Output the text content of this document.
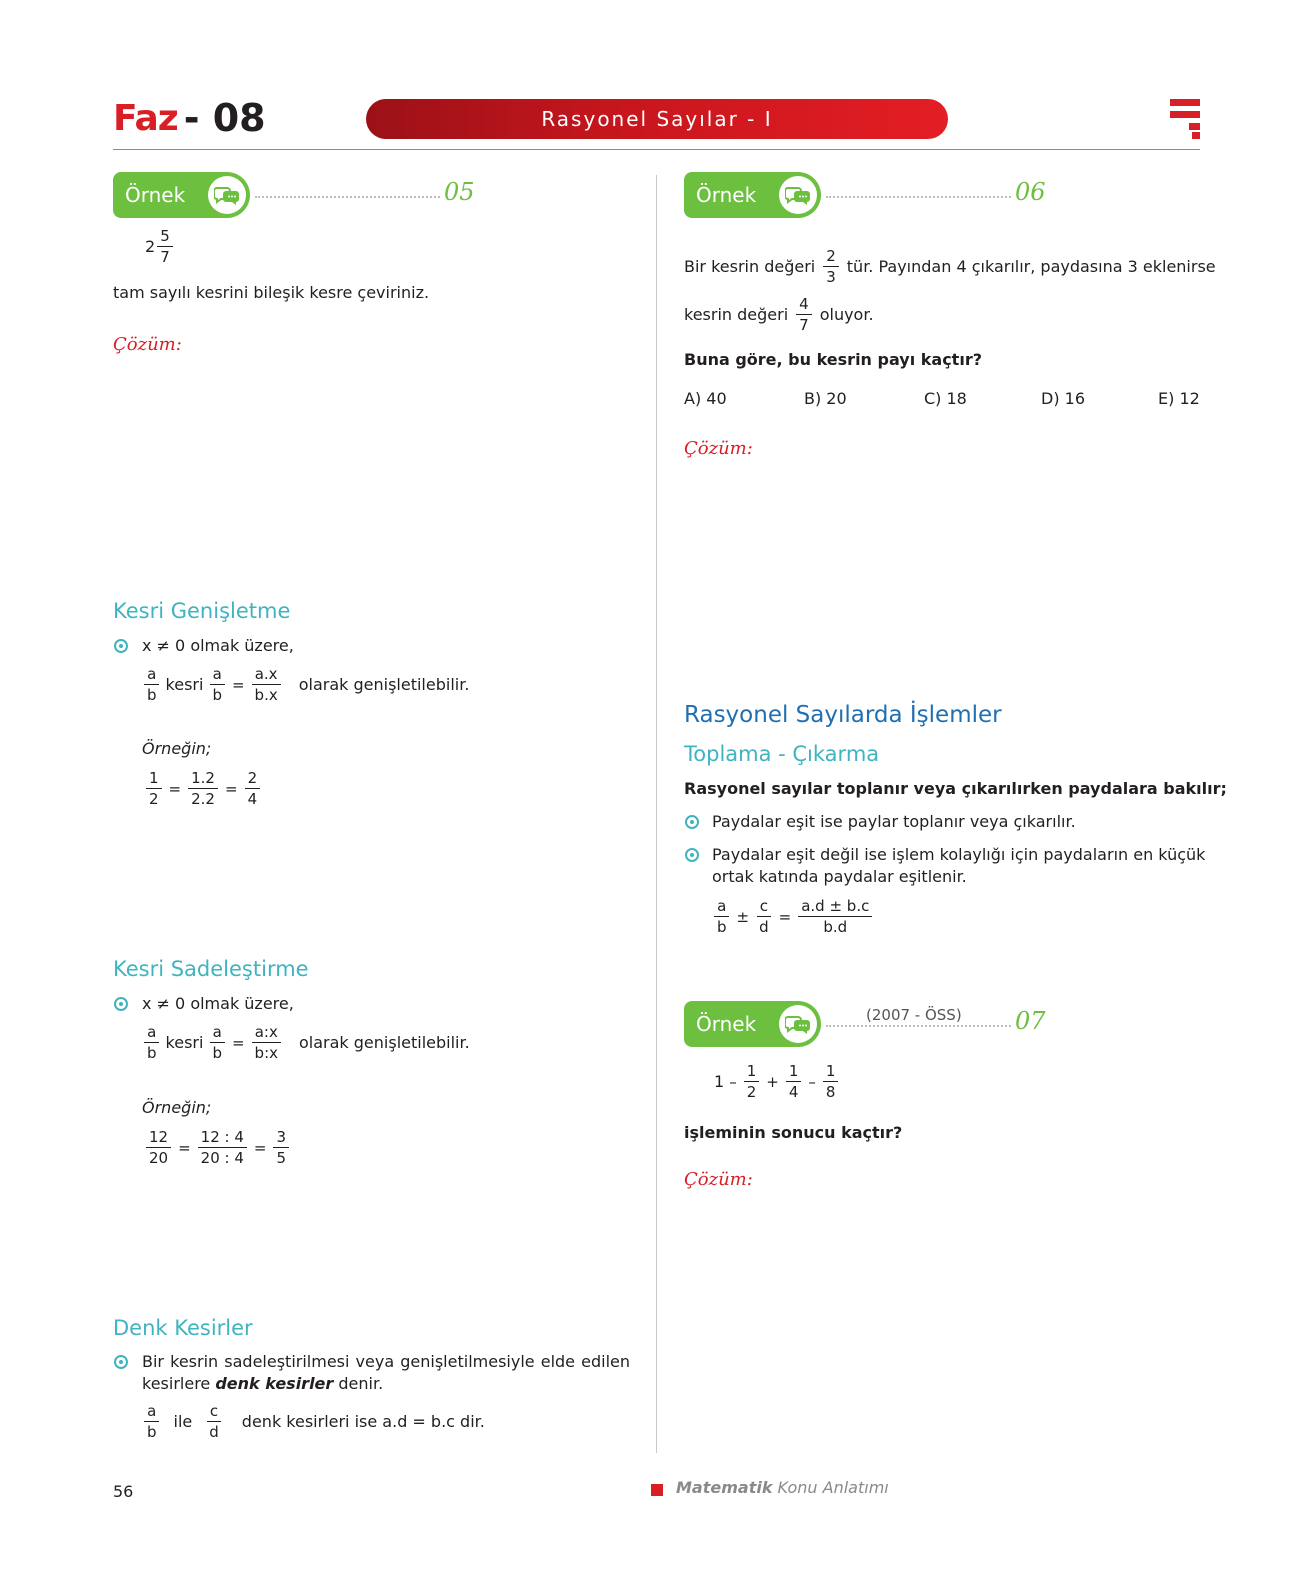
Faz - 08	Rasyonel Sayılar - I
Örnek	05
$2 \frac{5}{7}$
tam sayılı kesrini bileşik kesre çeviriniz.
Çözüm:
Kesri Genişletme
x ≠ 0 olmak üzere,
$\frac{a}{b}$ kesri $\frac{a}{b} = \frac{a.x}{b.x}$ olarak genişletilebilir.
Örneğin;
$\frac{1}{2} = \frac{1.2}{2.2} = \frac{2}{4}$
Kesri Sadeleştirme
x ≠ 0 olmak üzere,
$\frac{a}{b}$ kesri $\frac{a}{b} = \frac{a:x}{b:x}$ olarak genişletilebilir.
Örneğin;
$\frac{12}{20} = \frac{12 : 4}{20 : 4} = \frac{3}{5}$
Denk Kesirler
Bir kesrin sadeleştirilmesi veya genişletilmesiyle elde edilen
kesirlere denk kesirler denir.
$\frac{a}{b}$ ile $\frac{c}{d}$ denk kesirleri ise a.d = b.c dir.
Örnek	06
Bir kesrin değeri $\frac{2}{3}$ tür. Payından 4 çıkarılır, paydasına 3 eklenirse
kesrin değeri $\frac{4}{7}$ oluyor.
Buna göre, bu kesrin payı kaçtır?
A) 40	B) 20	C) 18	D) 16	E) 12
Çözüm:
Rasyonel Sayılarda İşlemler
Toplama - Çıkarma
Rasyonel sayılar toplanır veya çıkarılırken paydalara bakılır;
Paydalar eşit ise paylar toplanır veya çıkarılır.
Paydalar eşit değil ise işlem kolaylığı için paydaların en küçük
ortak katında paydalar eşitlenir.
$\frac{a}{b} \pm \frac{c}{d} = \frac{a.d \pm b.c}{b.d}$
Örnek	(2007 - ÖSS) 07
$1 - \frac{1}{2} + \frac{1}{4} - \frac{1}{8}$
işleminin sonucu kaçtır?
Çözüm:
56	Matematik Konu Anlatımı
